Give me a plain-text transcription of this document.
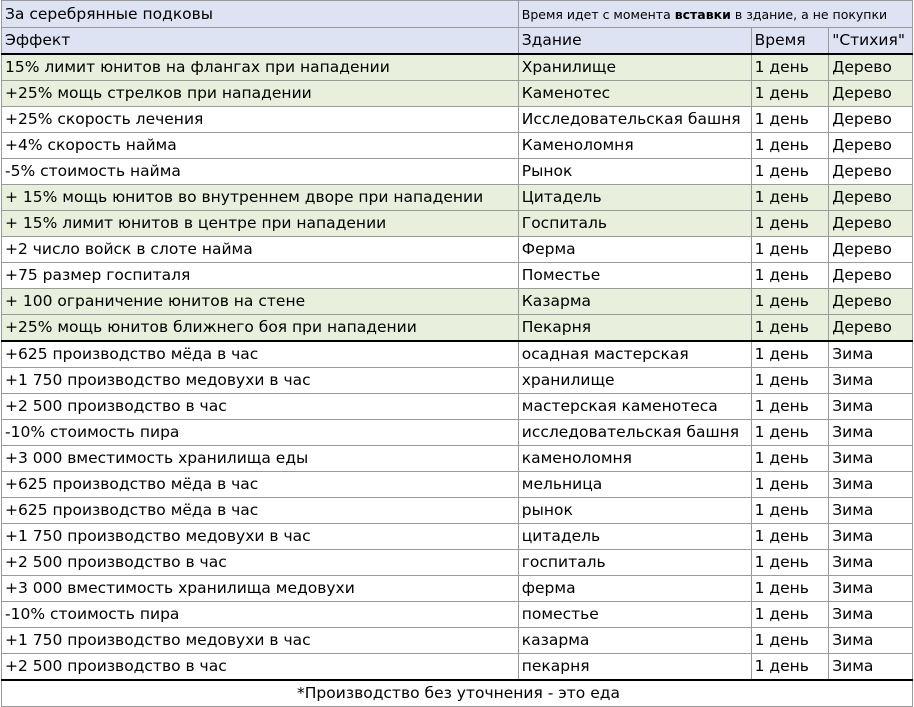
За серебрянные подковы	Время идет с момента вставки в здание, а не покупки		
Эффект	Здание	Время	"Стихия"
15% лимит юнитов на флангах при нападении	Хранилище	1 день	Дерево
+25% мощь стрелков при нападении	Каменотес	1 день	Дерево
+25% скорость лечения	Исследовательская башня	1 день	Дерево
+4% скорость найма	Каменоломня	1 день	Дерево
-5% стоимость найма	Рынок	1 день	Дерево
+ 15% мощь юнитов во внутреннем дворе при нападении	Цитадель	1 день	Дерево
+ 15% лимит юнитов в центре при нападении	Госпиталь	1 день	Дерево
+2 число войск в слоте найма	Ферма	1 день	Дерево
+75 размер госпиталя	Поместье	1 день	Дерево
+ 100 ограничение юнитов на стене	Казарма	1 день	Дерево
+25% мощь юнитов ближнего боя при нападении	Пекарня	1 день	Дерево
+625 производство мёда в час	осадная мастерская	1 день	Зима
+1 750 производство медовухи в час	хранилище	1 день	Зима
+2 500 производство в час	мастерская каменотеса	1 день	Зима
-10% стоимость пира	исследовательская башня	1 день	Зима
+3 000 вместимость хранилища еды	каменоломня	1 день	Зима
+625 производство мёда в час	мельница	1 день	Зима
+625 производство мёда в час	рынок	1 день	Зима
+1 750 производство медовухи в час	цитадель	1 день	Зима
+2 500 производство в час	госпиталь	1 день	Зима
+3 000 вместимость хранилища медовухи	ферма	1 день	Зима
-10% стоимость пира	поместье	1 день	Зима
+1 750 производство медовухи в час	казарма	1 день	Зима
+2 500 производство в час	пекарня	1 день	Зима
*Производство без уточнения - это еда			
